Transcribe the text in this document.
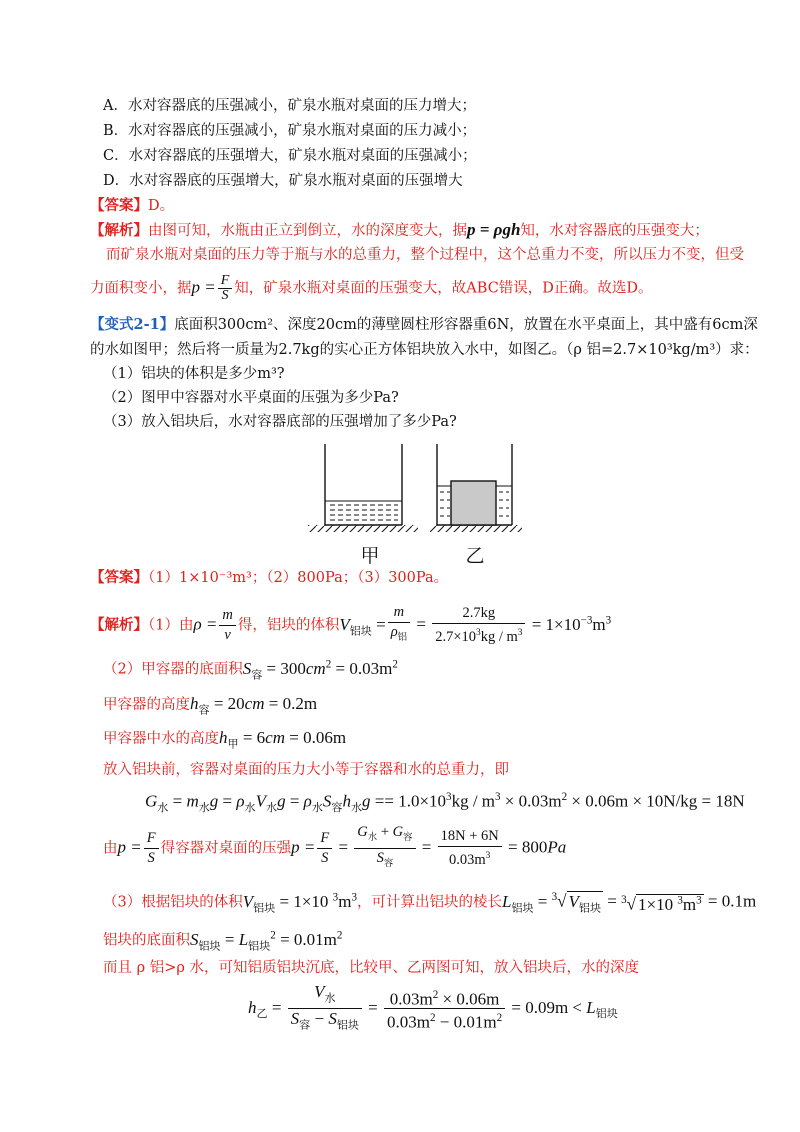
A．水对容器底的压强减小，矿泉水瓶对桌面的压力增大；
B．水对容器底的压强减小，矿泉水瓶对桌面的压力减小；
C．水对容器底的压强增大，矿泉水瓶对桌面的压强减小；
D．水对容器底的压强增大，矿泉水瓶对桌面的压强增大
【答案】D。
【解析】由图可知，水瓶由正立到倒立，水的深度变大，据p = ρgh知，水对容器底的压强变大；
而矿泉水瓶对桌面的压力等于瓶与水的总重力，整个过程中，这个总重力不变，所以压力不变，但受
力面积变小，据$p = \frac{F}{S}$ 知，矿泉水瓶对桌面的压强变大，故ABC错误，D正确。故选D。
【变式2-1】底面积300cm²、深度20cm的薄壁圆柱形容器重6N，放置在水平桌面上，其中盛有6cm深
的水如图甲；然后将一质量为2.7kg的实心正方体铝块放入水中，如图乙。（ρ 铝=2.7×10³kg/m³）求：
（1）铝块的体积是多少m³?
（2）图甲中容器对水平桌面的压强为多少Pa?
（3）放入铝块后，水对容器底部的压强增加了多少Pa?
甲	乙
【答案】（1）1×10⁻³m³；（2）800Pa；（3）300Pa。
【解析】（1）由$\rho = \frac{m}{v}$ 得，铝块的体积$V_{铝块} = \frac{m}{\rho_铝} = \frac{2.7kg}{2.7\times 10^3kg / m^3} = 1\times 10^{-3}m^3$
（2）甲容器的底面积$S_容 = 300cm^2 = 0.03m^2$
甲容器的高度$h_容 = 20cm = 0.2m$
甲容器中水的高度$h_甲 = 6cm = 0.06m$
放入铝块前，容器对桌面的压力大小等于容器和水的总重力，即
$G_水 = m_水g = \rho_水V_水g = \rho_水S_容h_水g == 1.0\times 10^3kg / m^3 \times 0.03m^2 \times 0.06m \times 10N/kg = 18N$
由$p = \frac{F}{S}$ 得容器对桌面的压强$p = \frac{F}{S} = \frac{G_水 + G_容}{S_容} = \frac{18N + 6N}{0.03m^3} = 800Pa$
（3）根据铝块的体积$V_{铝块} = 1\times 10$ $^3m^3$，可计算出铝块的棱长$L_{铝块} = ^3√$ $V_{铝块} = ^3√$ 1×10 $^3m^3 = 0.1m$
铝块的底面积$S_{铝块} = L_{铝块}^2 = 0.01m^2$
而且 ρ 铝>ρ 水，可知铝质铝块沉底，比较甲、乙两图可知，放入铝块后，水的深度
$h_乙 = \frac{V_水}{S_容 - S_{铝块}} = \frac{0.03m^2 \times 0.06m}{0.03m^2 - 0.01m^2} = 0.09m < L_{铝块}$
